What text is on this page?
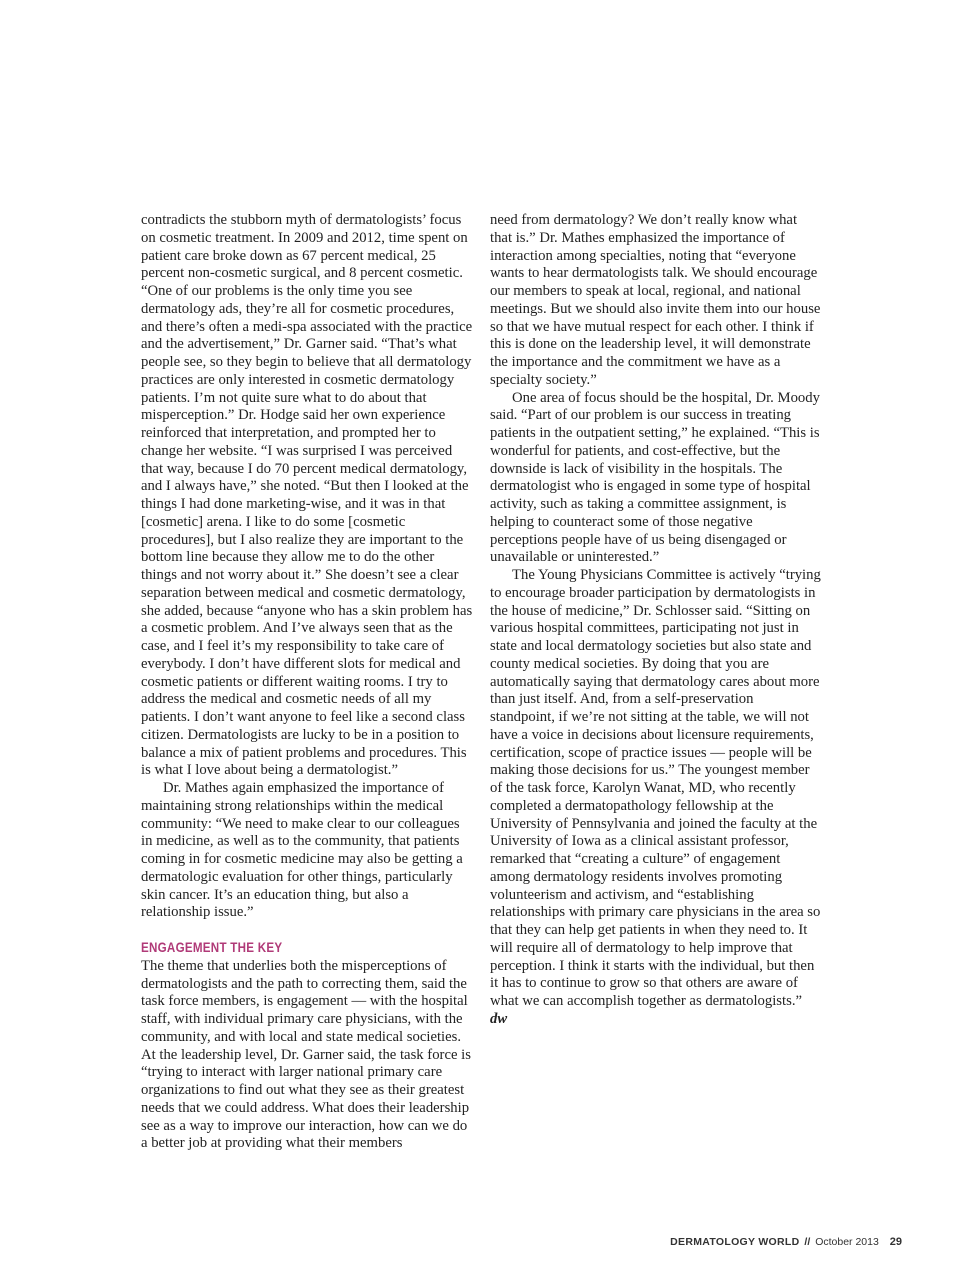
contradicts the stubborn myth of dermatologists’ focus on cosmetic treatment. In 2009 and 2012, time spent on patient care broke down as 67 percent medical, 25 percent non-cosmetic surgical, and 8 percent cosmetic. “One of our problems is the only time you see dermatology ads, they’re all for cosmetic procedures, and there’s often a medi-spa associated with the practice and the advertisement,” Dr. Garner said. “That’s what people see, so they begin to believe that all dermatology practices are only interested in cosmetic dermatology patients. I’m not quite sure what to do about that misperception.” Dr. Hodge said her own experience reinforced that interpretation, and prompted her to change her website. “I was surprised I was perceived that way, because I do 70 percent medical dermatology, and I always have,” she noted. “But then I looked at the things I had done marketing-wise, and it was in that [cosmetic] arena. I like to do some [cosmetic procedures], but I also realize they are important to the bottom line because they allow me to do the other things and not worry about it.” She doesn’t see a clear separation between medical and cosmetic dermatology, she added, because “anyone who has a skin problem has a cosmetic problem. And I’ve always seen that as the case, and I feel it’s my responsibility to take care of everybody. I don’t have different slots for medical and cosmetic patients or different waiting rooms. I try to address the medical and cosmetic needs of all my patients. I don’t want anyone to feel like a second class citizen. Dermatologists are lucky to be in a position to balance a mix of patient problems and procedures. This is what I love about being a dermatologist.”

Dr. Mathes again emphasized the importance of maintaining strong relationships within the medical community: “We need to make clear to our colleagues in medicine, as well as to the community, that patients coming in for cosmetic medicine may also be getting a dermatologic evaluation for other things, particularly skin cancer. It’s an education thing, but also a relationship issue.”

ENGAGEMENT THE KEY

The theme that underlies both the misperceptions of dermatologists and the path to correcting them, said the task force members, is engagement — with the hospital staff, with individual primary care physicians, with the community, and with local and state medical societies. At the leadership level, Dr. Garner said, the task force is “trying to interact with larger national primary care organizations to find out what they see as their greatest needs that we could address. What does their leadership see as a way to improve our interaction, how can we do a better job at providing what their members

need from dermatology? We don’t really know what that is.” Dr. Mathes emphasized the importance of interaction among specialties, noting that “everyone wants to hear dermatologists talk. We should encourage our members to speak at local, regional, and national meetings. But we should also invite them into our house so that we have mutual respect for each other. I think if this is done on the leadership level, it will demonstrate the importance and the commitment we have as a specialty society.”

One area of focus should be the hospital, Dr. Moody said. “Part of our problem is our success in treating patients in the outpatient setting,” he explained. “This is wonderful for patients, and cost-effective, but the downside is lack of visibility in the hospitals. The dermatologist who is engaged in some type of hospital activity, such as taking a committee assignment, is helping to counteract some of those negative perceptions people have of us being disengaged or unavailable or uninterested.”

The Young Physicians Committee is actively “trying to encourage broader participation by dermatologists in the house of medicine,” Dr. Schlosser said. “Sitting on various hospital committees, participating not just in state and local dermatology societies but also state and county medical societies. By doing that you are automatically saying that dermatology cares about more than just itself. And, from a self-preservation standpoint, if we’re not sitting at the table, we will not have a voice in decisions about licensure requirements, certification, scope of practice issues — people will be making those decisions for us.” The youngest member of the task force, Karolyn Wanat, MD, who recently completed a dermatopathology fellowship at the University of Pennsylvania and joined the faculty at the University of Iowa as a clinical assistant professor, remarked that “creating a culture” of engagement among dermatology residents involves promoting volunteerism and activism, and “establishing relationships with primary care physicians in the area so that they can help get patients in when they need to. It will require all of dermatology to help improve that perception. I think it starts with the individual, but then it has to continue to grow so that others are aware of what we can accomplish together as dermatologists.” dw

DERMATOLOGY WORLD // October 2013 29
